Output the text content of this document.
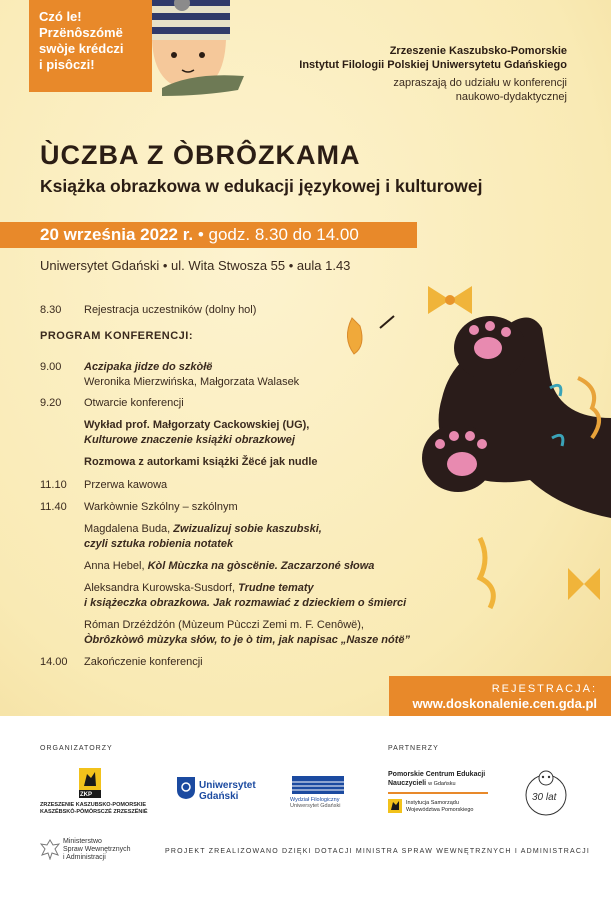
Czó le!
Przënôszómë
swòje krédczi
i pisôczi!
Zrzeszenie Kaszubsko-Pomorskie
Instytut Filologii Polskiej Uniwersytetu Gdańskiego
zapraszają do udziału w konferencji
naukowo-dydaktycznej
ÙCZBA Z ÒBRÔZKAMA
Książka obrazkowa w edukacji językowej i kulturowej
20 września 2022 r. • godz. 8.30 do 14.00
Uniwersytet Gdański • ul. Wita Stwosza 55 • aula 1.43
8.30 Rejestracja uczestników (dolny hol)
PROGRAM KONFERENCJI:
9.00 Aczipaka jidze do szkòłë
Weronika Mierzwińska, Małgorzata Walasek
9.20 Otwarcie konferencji
Wykład prof. Małgorzaty Cackowskiej (UG),
Kulturowe znaczenie książki obrazkowej
Rozmowa z autorkami książki Žëcé jak nudle
11.10 Przerwa kawowa
11.40 Warkòwnie Szkólny – szkólnym
Magdalena Buda, Zwizualizuj sobie kaszubski,
czyli sztuka robienia notatek
Anna Hebel, Kòl Mùczka na gòscënie. Zaczarzoné słowa
Aleksandra Kurowska-Susdorf, Trudne tematy
i książeczka obrazkowa. Jak rozmawiać z dzieckiem o śmierci
Róman Drzéżdżón (Mùzeum Pùcczi Zemi m. F. Cenôwë),
Òbrôzkòwô mùzyka słów, to je ò tim, jak napisac „Nasze nótë”
14.00 Zakończenie konferencji
REJESTRACJA:
www.doskonalenie.cen.gda.pl
ORGANIZATORZY	PARTNERZY
ZKP
ZRZESZENIE KASZUBSKO-POMORSKIE
KASZËBSKÒ-PÒMÒRSCZÉ ZRZESZËNIÉ
Uniwersytet
Gdański	Wydział Filologiczny
Uniwersytet Gdański
Pomorskie Centrum Edukacji
Nauczycieli w Gdańsku
Instytucja Samorządu
Województwa Pomorskiego
30 lat
Ministerstwo
Spraw Wewnętrznych
i Administracji
PROJEKT ZREALIZOWANO DZIĘKI DOTACJI MINISTRA SPRAW WEWNĘTRZNYCH I ADMINISTRACJI
